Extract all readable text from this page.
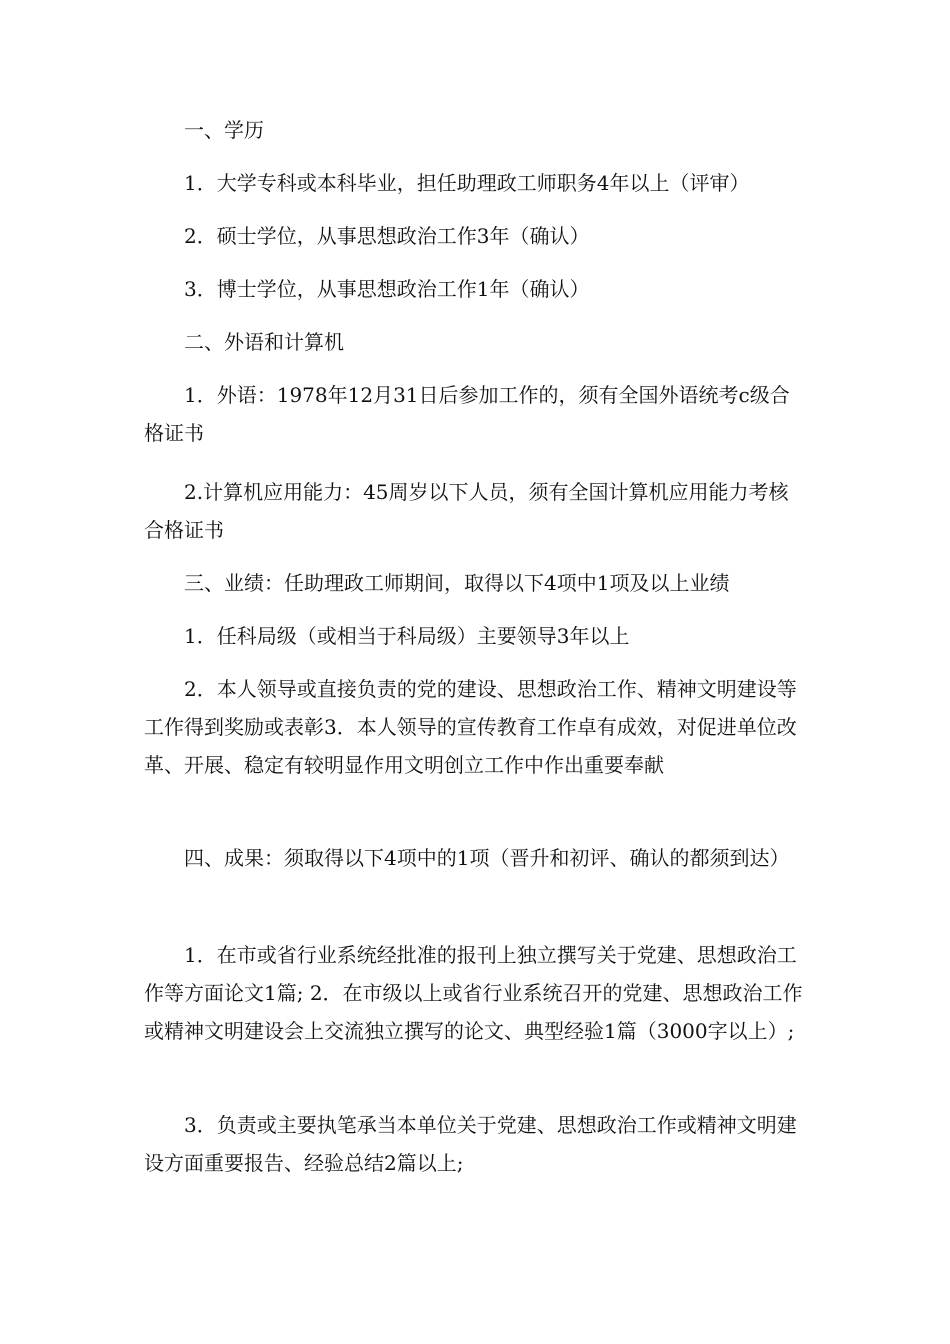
一、学历

1．大学专科或本科毕业，担任助理政工师职务4年以上（评审）

2．硕士学位，从事思想政治工作3年（确认）

3．博士学位，从事思想政治工作1年（确认）

二、外语和计算机

1．外语：1978年12月31日后参加工作的，须有全国外语统考c级合格证书

2.计算机应用能力：45周岁以下人员，须有全国计算机应用能力考核合格证书

三、业绩：任助理政工师期间，取得以下4项中1项及以上业绩

1．任科局级（或相当于科局级）主要领导3年以上

2．本人领导或直接负责的党的建设、思想政治工作、精神文明建设等工作得到奖励或表彰3．本人领导的宣传教育工作卓有成效，对促进单位改革、开展、稳定有较明显作用文明创立工作中作出重要奉献

四、成果：须取得以下4项中的1项（晋升和初评、确认的都须到达）

1．在市或省行业系统经批准的报刊上独立撰写关于党建、思想政治工作等方面论文1篇; 2．在市级以上或省行业系统召开的党建、思想政治工作或精神文明建设会上交流独立撰写的论文、典型经验1篇（3000字以上）;

3．负责或主要执笔承当本单位关于党建、思想政治工作或精神文明建设方面重要报告、经验总结2篇以上;
